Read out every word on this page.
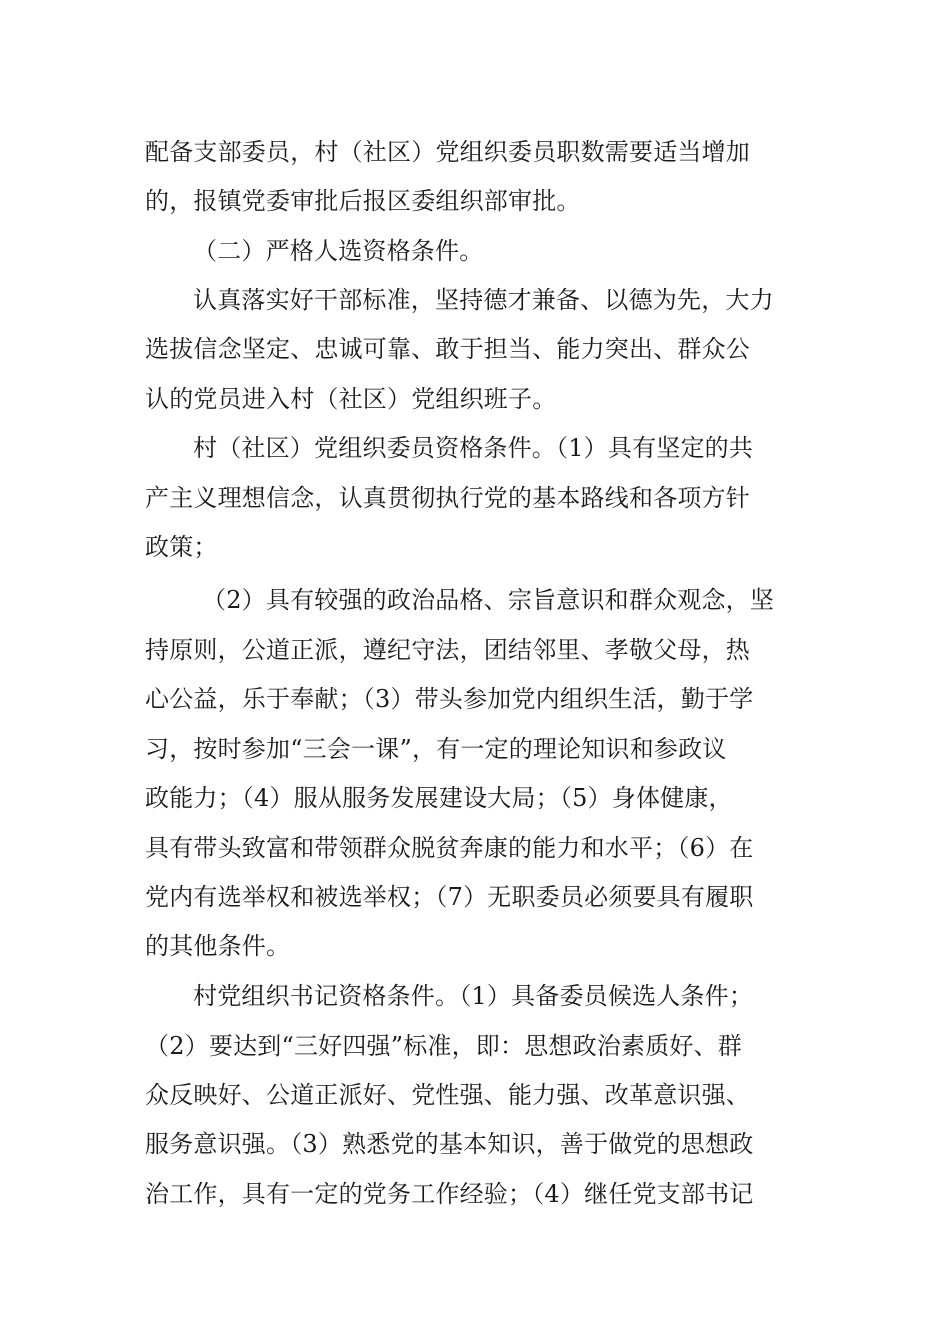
配备支部委员，村（社区）党组织委员职数需要适当增加
的，报镇党委审批后报区委组织部审批。
（二）严格人选资格条件。
认真落实好干部标准，坚持德才兼备、以德为先，大力
选拔信念坚定、忠诚可靠、敢于担当、能力突出、群众公
认的党员进入村（社区）党组织班子。
村（社区）党组织委员资格条件。（1）具有坚定的共
产主义理想信念，认真贯彻执行党的基本路线和各项方针
政策；
（2）具有较强的政治品格、宗旨意识和群众观念，坚
持原则，公道正派，遵纪守法，团结邻里、孝敬父母，热
心公益，乐于奉献；（3）带头参加党内组织生活，勤于学
习，按时参加“三会一课”，有一定的理论知识和参政议
政能力；（4）服从服务发展建设大局；（5）身体健康，
具有带头致富和带领群众脱贫奔康的能力和水平；（6）在
党内有选举权和被选举权；（7）无职委员必须要具有履职
的其他条件。
村党组织书记资格条件。（1）具备委员候选人条件；
（2）要达到“三好四强”标准，即：思想政治素质好、群
众反映好、公道正派好、党性强、能力强、改革意识强、
服务意识强。（3）熟悉党的基本知识，善于做党的思想政
治工作，具有一定的党务工作经验；（4）继任党支部书记
